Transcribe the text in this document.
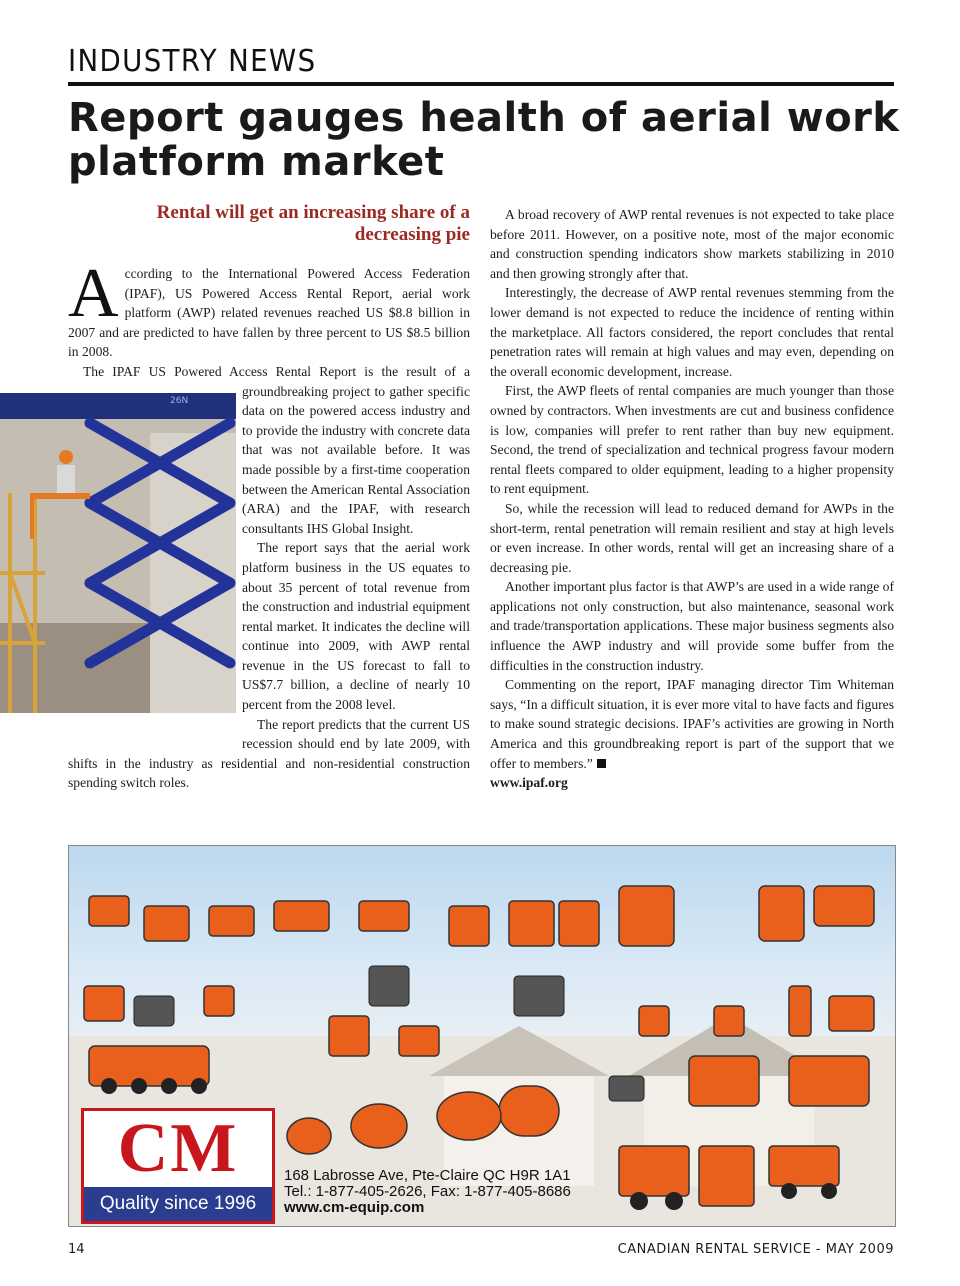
INDUSTRY NEWS
Report gauges health of aerial work platform market

Rental will get an increasing share of a decreasing pie

26N

According to the International Powered Access Federation (IPAF), US Powered Access Rental Report, aerial work platform (AWP) related revenues reached US $8.8 billion in 2007 and are predicted to have fallen by three percent to US $8.5 billion in 2008.

The IPAF US Powered Access Rental Report is the result of a groundbreaking project to gather specific data on the powered access industry and to provide the industry with concrete data that was not available before. It was made possible by a first-time cooperation between the American Rental Association (ARA) and the IPAF, with research consultants IHS Global Insight.
The report says that the aerial work platform business in the US equates to about 35 percent of total revenue from the construction and industrial equipment rental market. It indicates the decline will continue into 2009, with AWP rental revenue in the US forecast to fall to US$7.7 billion, a decline of nearly 10 percent from the 2008 level.

The report predicts that the current US recession should end by late 2009, with shifts in the industry as residential and non-residential construction spending switch roles.

A broad recovery of AWP rental revenues is not expected to take place before 2011. However, on a positive note, most of the major economic and construction spending indicators show markets stabilizing in 2010 and then growing strongly after that.

Interestingly, the decrease of AWP rental revenues stemming from the lower demand is not expected to reduce the incidence of renting within the marketplace. All factors considered, the report concludes that rental penetration rates will remain at high values and may even, depending on the overall economic development, increase.

First, the AWP fleets of rental companies are much younger than those owned by contractors. When investments are cut and business confidence is low, companies will prefer to rent rather than buy new equipment. Second, the trend of specialization and technical progress favour modern rental fleets compared to older equipment, leading to a higher propensity to rent equipment.

So, while the recession will lead to reduced demand for AWPs in the short-term, rental penetration will remain resilient and stay at high levels or even increase. In other words, rental will get an increasing share of a decreasing pie.

Another important plus factor is that AWP’s are used in a wide range of applications not only construction, but also maintenance, seasonal work and trade/transportation applications. These major business segments also influence the AWP industry and will provide some buffer from the difficulties in the construction industry.

Commenting on the report, IPAF managing director Tim Whiteman says, “In a difficult situation, it is ever more vital to have facts and figures to make sound strategic decisions. IPAF’s activities are growing in North America and this groundbreaking report is part of the support that we offer to members.”

www.ipaf.org

CM
Quality since 1996
168 Labrosse Ave, Pte-Claire QC H9R 1A1
Tel.: 1-877-405-2626, Fax: 1-877-405-8686
www.cm-equip.com
14	CANADIAN RENTAL SERVICE - MAY 2009
